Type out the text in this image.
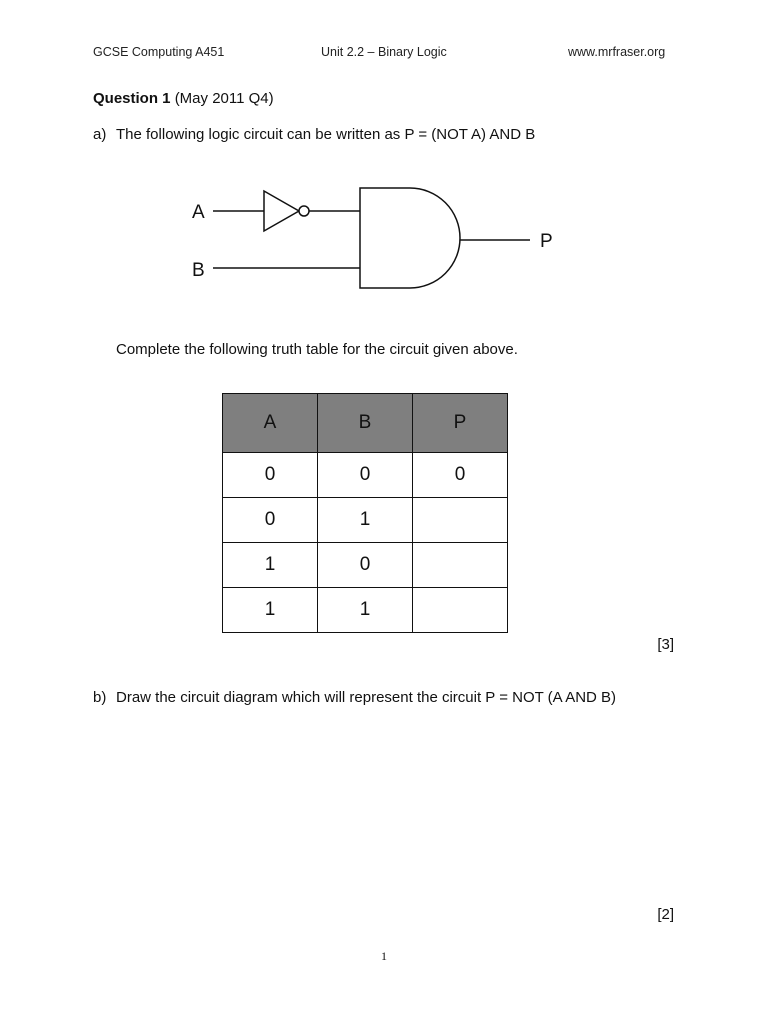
GCSE Computing A451	Unit 2.2 – Binary Logic	www.mrfraser.org
Question 1 (May 2011 Q4)
a) The following logic circuit can be written as P = (NOT A) AND B
A
B
P
Complete the following truth table for the circuit given above.
A	B	P
0	0	0
0	1	
1	0	
1	1	
[3]
b) Draw the circuit diagram which will represent the circuit P = NOT (A AND B)
[2]
1
